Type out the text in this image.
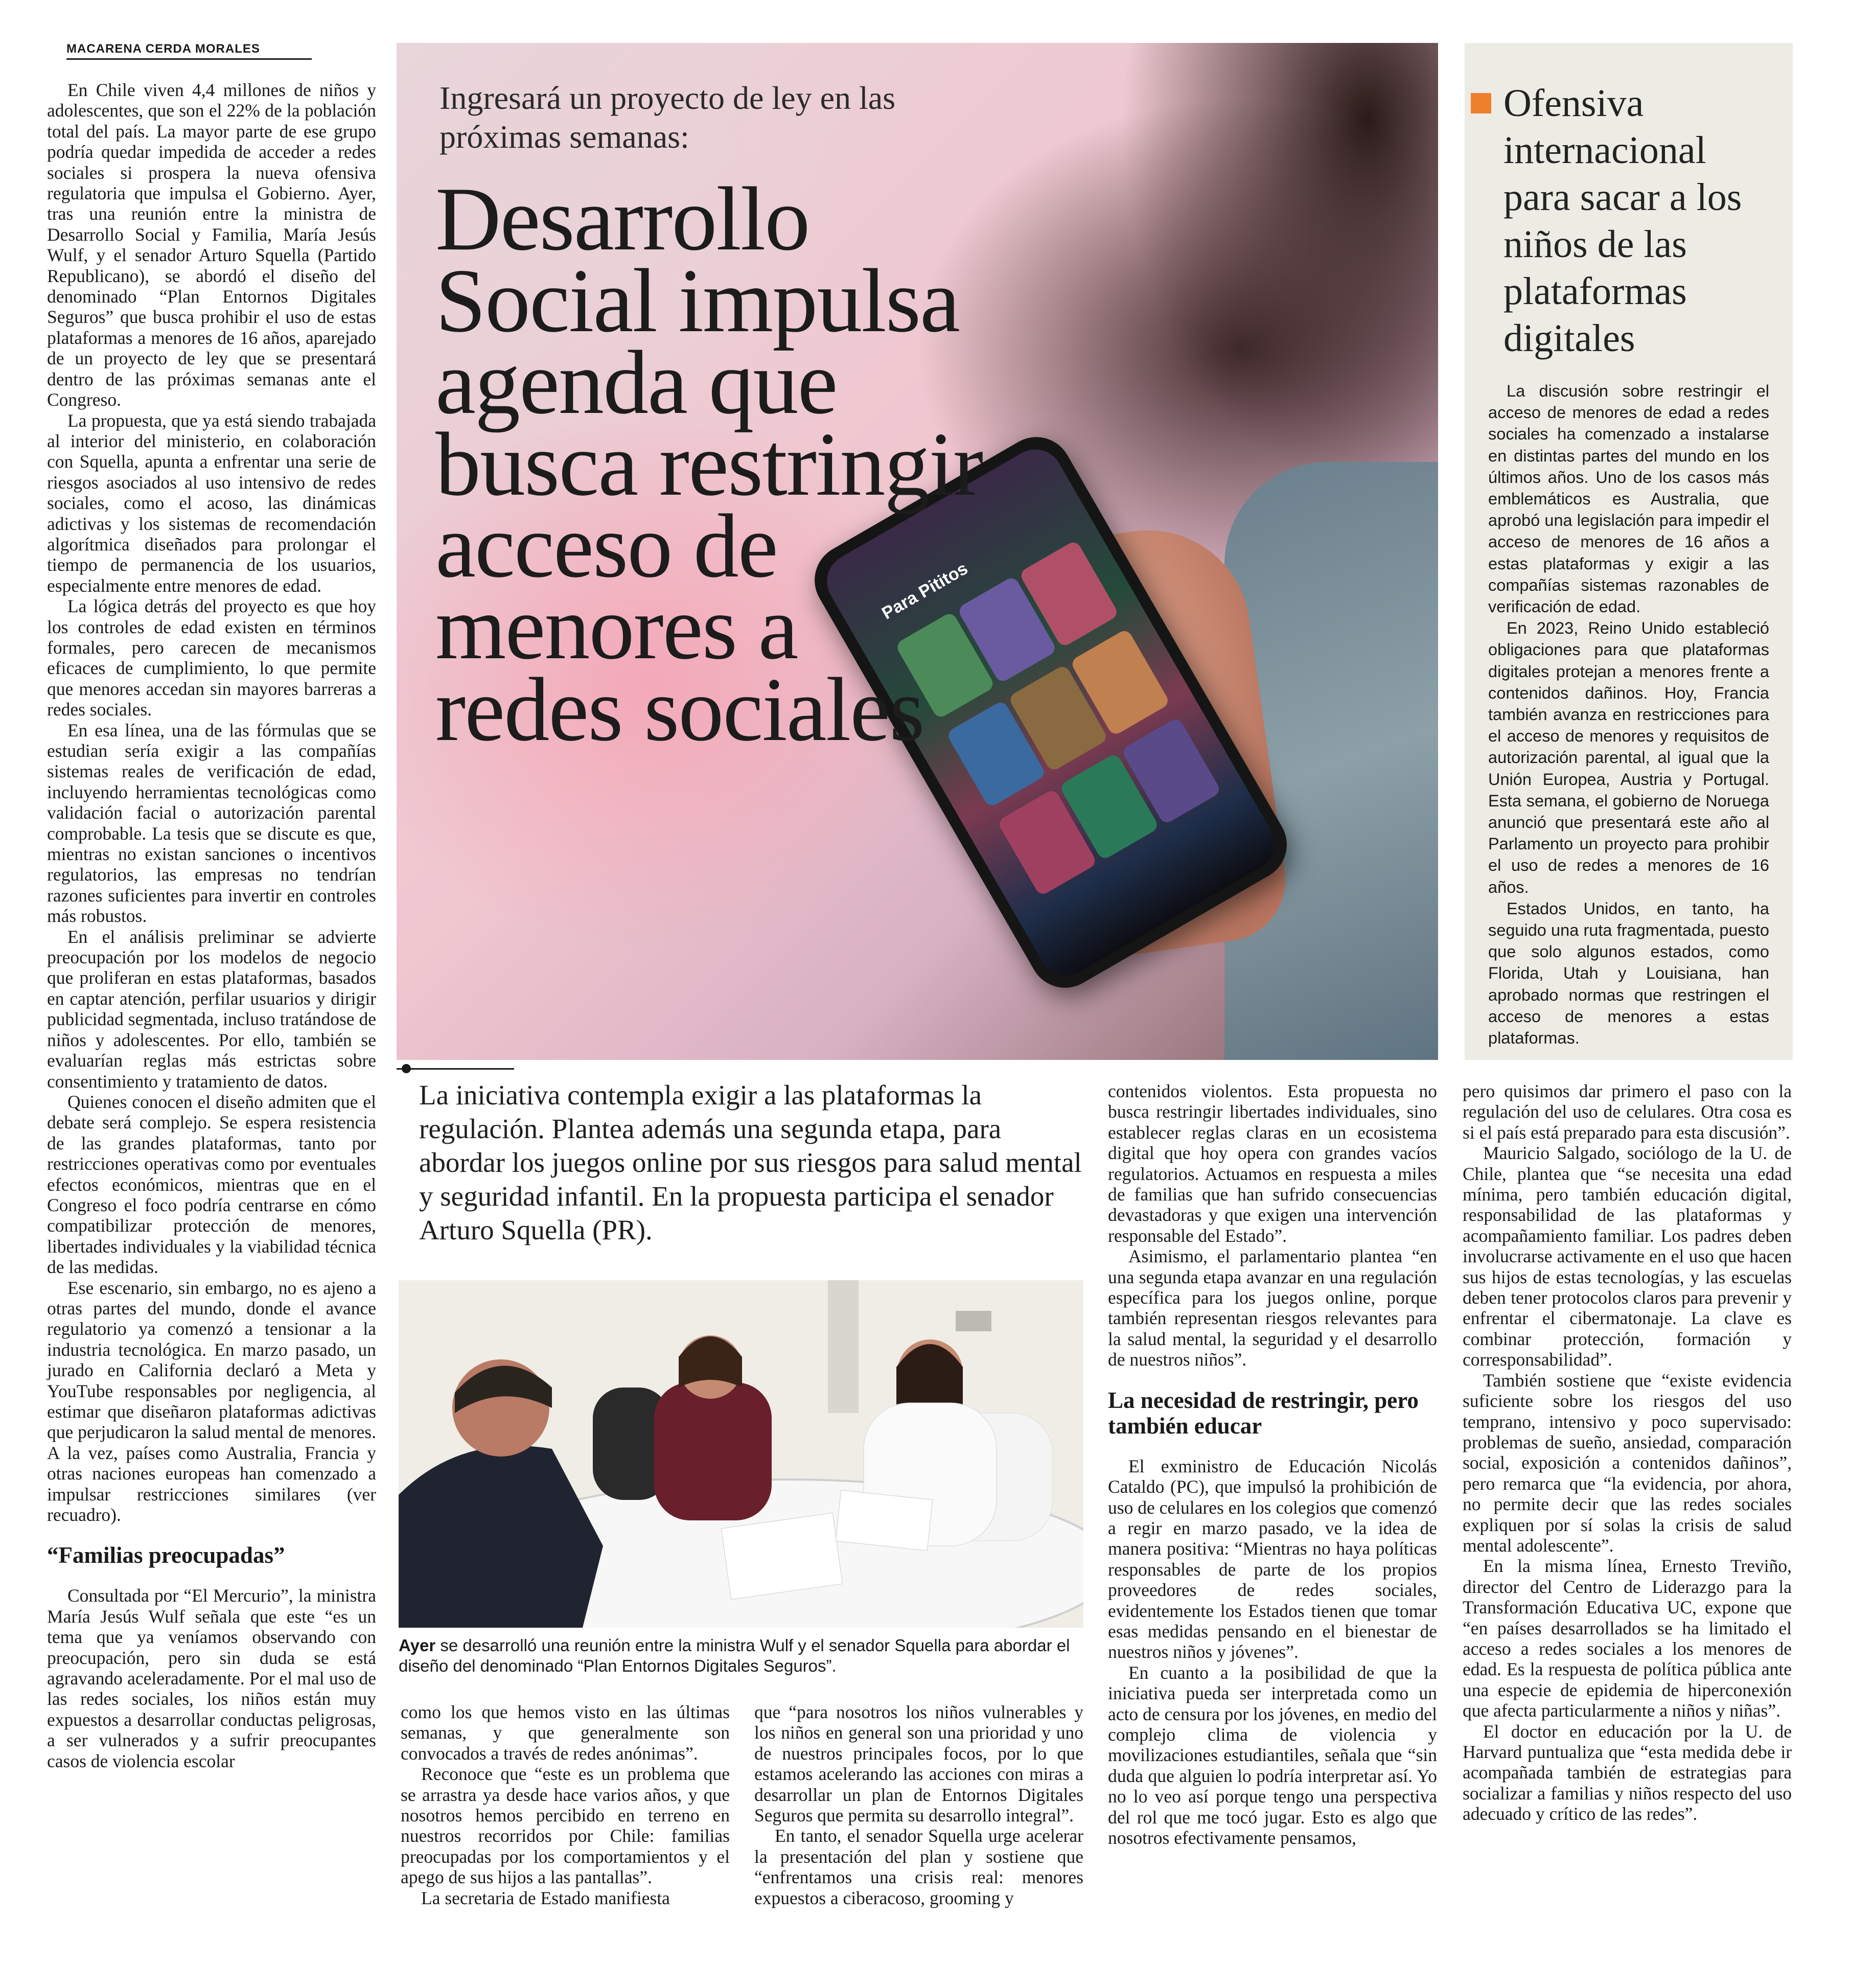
MACARENA CERDA MORALES

En Chile viven 4,4 millones de niños y adolescentes, que son el 22% de la población total del país. La mayor parte de ese grupo podría quedar impedida de acceder a redes sociales si prospera la nueva ofensiva regulatoria que impulsa el Gobierno. Ayer, tras una reunión entre la ministra de Desarrollo Social y Familia, María Jesús Wulf, y el senador Arturo Squella (Partido Republicano), se abordó el diseño del denominado “Plan Entornos Digitales Seguros” que busca prohibir el uso de estas plataformas a menores de 16 años, aparejado de un proyecto de ley que se presentará dentro de las próximas semanas ante el Congreso.

La propuesta, que ya está siendo trabajada al interior del ministerio, en colaboración con Squella, apunta a enfrentar una serie de riesgos asociados al uso intensivo de redes sociales, como el acoso, las dinámicas adictivas y los sistemas de recomendación algorítmica diseñados para prolongar el tiempo de permanencia de los usuarios, especialmente entre menores de edad.

La lógica detrás del proyecto es que hoy los controles de edad existen en términos formales, pero carecen de mecanismos eficaces de cumplimiento, lo que permite que menores accedan sin mayores barreras a redes sociales.

En esa línea, una de las fórmulas que se estudian sería exigir a las compañías sistemas reales de verificación de edad, incluyendo herramientas tecnológicas como validación facial o autorización parental comprobable. La tesis que se discute es que, mientras no existan sanciones o incentivos regulatorios, las empresas no tendrían razones suficientes para invertir en controles más robustos.

En el análisis preliminar se advierte preocupación por los modelos de negocio que proliferan en estas plataformas, basados en captar atención, perfilar usuarios y dirigir publicidad segmentada, incluso tratándose de niños y adolescentes. Por ello, también se evaluarían reglas más estrictas sobre consentimiento y tratamiento de datos.

Quienes conocen el diseño admiten que el debate será complejo. Se espera resistencia de las grandes plataformas, tanto por restricciones operativas como por eventuales efectos económicos, mientras que en el Congreso el foco podría centrarse en cómo compatibilizar protección de menores, libertades individuales y la viabilidad técnica de las medidas.

Ese escenario, sin embargo, no es ajeno a otras partes del mundo, donde el avance regulatorio ya comenzó a tensionar a la industria tecnológica. En marzo pasado, un jurado en California declaró a Meta y YouTube responsables por negligencia, al estimar que diseñaron plataformas adictivas que perjudicaron la salud mental de menores. A la vez, países como Australia, Francia y otras naciones europeas han comenzado a impulsar restricciones similares (ver recuadro).

“Familias preocupadas”

Consultada por “El Mercurio”, la ministra María Jesús Wulf señala que este “es un tema que ya veníamos observando con preocupación, pero sin duda se está agravando aceleradamente. Por el mal uso de las redes sociales, los niños están muy expuestos a desarrollar conductas peligrosas, a ser vulnerados y a sufrir preocupantes casos de violencia escolar

Para Pititos
Ingresará un proyecto de ley en las próximas semanas:
Desarrollo Social impulsa agenda que busca restringir acceso de menores a redes sociales
Ofensiva internacional para sacar a los niños de las plataformas digitales

La discusión sobre restringir el acceso de menores de edad a redes sociales ha comenzado a instalarse en distintas partes del mundo en los últimos años. Uno de los casos más emblemáticos es Australia, que aprobó una legislación para impedir el acceso de menores de 16 años a estas plataformas y exigir a las compañías sistemas razonables de verificación de edad.

En 2023, Reino Unido estableció obligaciones para que plataformas digitales protejan a menores frente a contenidos dañinos. Hoy, Francia también avanza en restricciones para el acceso de menores y requisitos de autorización parental, al igual que la Unión Europea, Austria y Portugal. Esta semana, el gobierno de Noruega anunció que presentará este año al Parlamento un proyecto para prohibir el uso de redes a menores de 16 años.

Estados Unidos, en tanto, ha seguido una ruta fragmentada, puesto que solo algunos estados, como Florida, Utah y Louisiana, han aprobado normas que restringen el acceso de menores a estas plataformas.

La iniciativa contempla exigir a las plataformas la regulación. Plantea además una segunda etapa, para abordar los juegos online por sus riesgos para salud mental y seguridad infantil. En la propuesta participa el senador Arturo Squella (PR).
Ayer se desarrolló una reunión entre la ministra Wulf y el senador Squella para abordar el diseño del denominado “Plan Entornos Digitales Seguros”.

como los que hemos visto en las últimas semanas, y que generalmente son convocados a través de redes anónimas”.

Reconoce que “este es un problema que se arrastra ya desde hace varios años, y que nosotros hemos percibido en terreno en nuestros recorridos por Chile: familias preocupadas por los comportamientos y el apego de sus hijos a las pantallas”.

La secretaria de Estado manifiesta

que “para nosotros los niños vulnerables y los niños en general son una prioridad y uno de nuestros principales focos, por lo que estamos acelerando las acciones con miras a desarrollar un plan de Entornos Digitales Seguros que permita su desarrollo integral”.

En tanto, el senador Squella urge acelerar la presentación del plan y sostiene que “enfrentamos una crisis real: menores expuestos a ciberacoso, grooming y

contenidos violentos. Esta propuesta no busca restringir libertades individuales, sino establecer reglas claras en un ecosistema digital que hoy opera con grandes vacíos regulatorios. Actuamos en respuesta a miles de familias que han sufrido consecuencias devastadoras y que exigen una intervención responsable del Estado”.

Asimismo, el parlamentario plantea “en una segunda etapa avanzar en una regulación específica para los juegos online, porque también representan riesgos relevantes para la salud mental, la seguridad y el desarrollo de nuestros niños”.

La necesidad de restringir, pero también educar

El exministro de Educación Nicolás Cataldo (PC), que impulsó la prohibición de uso de celulares en los colegios que comenzó a regir en marzo pasado, ve la idea de manera positiva: “Mientras no haya políticas responsables de parte de los propios proveedores de redes sociales, evidentemente los Estados tienen que tomar esas medidas pensando en el bienestar de nuestros niños y jóvenes”.

En cuanto a la posibilidad de que la iniciativa pueda ser interpretada como un acto de censura por los jóvenes, en medio del complejo clima de violencia y movilizaciones estudiantiles, señala que “sin duda que alguien lo podría interpretar así. Yo no lo veo así porque tengo una perspectiva del rol que me tocó jugar. Esto es algo que nosotros efectivamente pensamos,

pero quisimos dar primero el paso con la regulación del uso de celulares. Otra cosa es si el país está preparado para esta discusión”.

Mauricio Salgado, sociólogo de la U. de Chile, plantea que “se necesita una edad mínima, pero también educación digital, responsabilidad de las plataformas y acompañamiento familiar. Los padres deben involucrarse activamente en el uso que hacen sus hijos de estas tecnologías, y las escuelas deben tener protocolos claros para prevenir y enfrentar el cibermatonaje. La clave es combinar protección, formación y corresponsabilidad”.

También sostiene que “existe evidencia suficiente sobre los riesgos del uso temprano, intensivo y poco supervisado: problemas de sueño, ansiedad, comparación social, exposición a contenidos dañinos”, pero remarca que “la evidencia, por ahora, no permite decir que las redes sociales expliquen por sí solas la crisis de salud mental adolescente”.

En la misma línea, Ernesto Treviño, director del Centro de Liderazgo para la Transformación Educativa UC, expone que “en países desarrollados se ha limitado el acceso a redes sociales a los menores de edad. Es la respuesta de política pública ante una especie de epidemia de hiperconexión que afecta particularmente a niños y niñas”.

El doctor en educación por la U. de Harvard puntualiza que “esta medida debe ir acompañada también de estrategias para socializar a familias y niños respecto del uso adecuado y crítico de las redes”.
